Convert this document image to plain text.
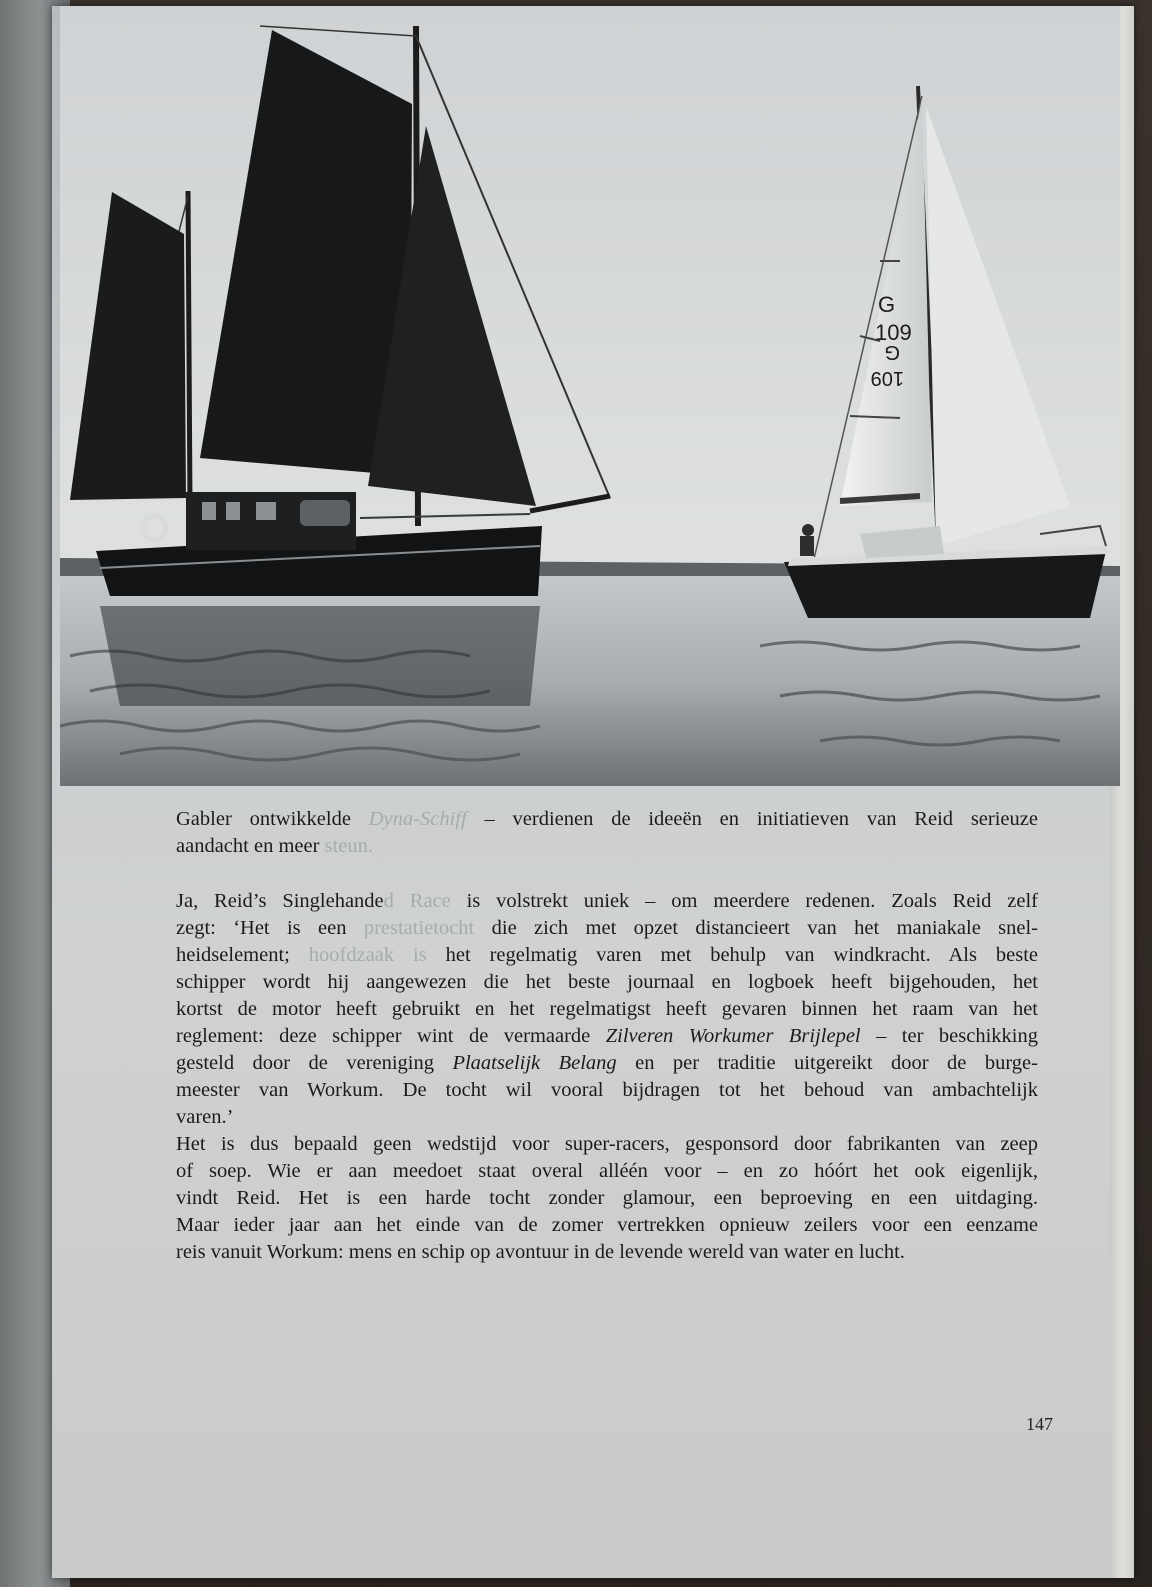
G
109
G
109
Gabler ontwikkelde Dyna-Schiff – verdienen de ideeën en initiatieven van Reid serieuze
aandacht en meer steun.
Ja, Reid’s Singlehanded Race is volstrekt uniek – om meerdere redenen. Zoals Reid zelf
zegt: ‘Het is een prestatietocht die zich met opzet distancieert van het maniakale snel-
heidselement; hoofdzaak is het regelmatig varen met behulp van windkracht. Als beste
schipper wordt hij aangewezen die het beste journaal en logboek heeft bijgehouden, het
kortst de motor heeft gebruikt en het regelmatigst heeft gevaren binnen het raam van het
reglement: deze schipper wint de vermaarde Zilveren Workumer Brijlepel – ter beschikking
gesteld door de vereniging Plaatselijk Belang en per traditie uitgereikt door de burge-
meester van Workum. De tocht wil vooral bijdragen tot het behoud van ambachtelijk
varen.’
Het is dus bepaald geen wedstijd voor super-racers, gesponsord door fabrikanten van zeep
of soep. Wie er aan meedoet staat overal alléén voor – en zo hóórt het ook eigenlijk,
vindt Reid. Het is een harde tocht zonder glamour, een beproeving en een uitdaging.
Maar ieder jaar aan het einde van de zomer vertrekken opnieuw zeilers voor een eenzame
reis vanuit Workum: mens en schip op avontuur in de levende wereld van water en lucht.
147
